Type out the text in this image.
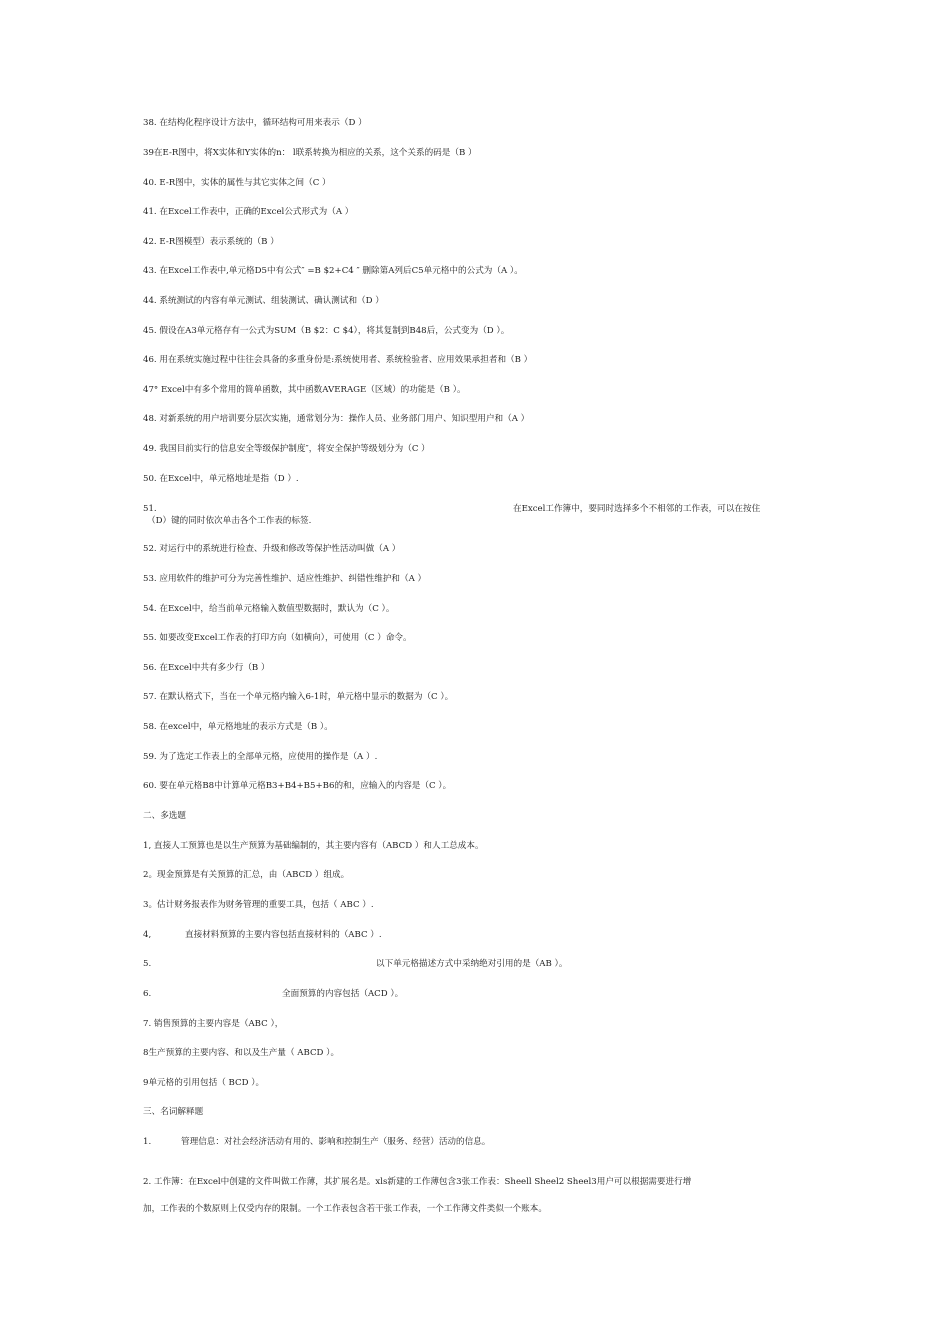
38. 在结构化程序设计方法中，循环结构可用来表示（D ）
39在E-R图中，将X实体和Y实体的n： l联系转换为相应的关系，这个关系的码是（B ）
40. E-R图中，实体的属性与其它实体之间（C ）
41. 在Excel工作表中，正确的Excel公式形式为（A ）
42. E-R图模型）表示系统的（B ）
43. 在Excel工作表中,单元格D5中有公式″ =B $2+C4 ″ 删除第A列后C5单元格中的公式为（A ）。
44. 系统测试的内容有单元测试、组装测试、确认测试和（D ）
45. 假设在A3单元格存有一公式为SUM（B $2：C $4），将其复制到B48后，公式变为（D ）。
46. 用在系统实施过程中往往会具备的多重身份是:系统使用者、系统检验者、应用效果承担者和（B ）
47° Excel中有多个常用的简单函数，其中函数AVERAGE（区域）的功能是（B ）。
48. 对新系统的用户培训要分层次实施，通常划分为：操作人员、业务部门用户、知识型用户和（A ）
49. 我国目前实行的信息安全等级保护制度″，将安全保护等级划分为（C ）
50. 在Excel中，单元格地址是指（D ）.
51.	在Excel工作簿中，要同时选择多个不相邻的工作表，可以在按住
（D）键的同时依次单击各个工作表的标签.
52. 对运行中的系统进行检查、升级和修改等保护性活动叫做（A ）
53. 应用软件的维护可分为完善性维护、适应性维护、纠错性维护和（A ）
54. 在Excel中，给当前单元格输入数值型数据时，默认为（C ）。
55. 如要改变Excel工作表的打印方向（如横向），可使用（C ）命令。
56. 在Excel中共有多少行（B ）
57. 在默认格式下，当在一个单元格内输入6-1时，单元格中显示的数据为（C ）。
58. 在excel中，单元格地址的表示方式是（B ）。
59. 为了选定工作表上的全部单元格，应使用的操作是（A ）.
60. 要在单元格B8中计算单元格B3+B4+B5+B6的和，应输入的内容是（C ）。
二、多选题
1, 直接人工预算也是以生产预算为基础编制的，其主要内容有（ABCD ）和人工总成本。
2。现金预算是有关预算的汇总，由（ABCD ）组成。
3。估计财务报表作为财务管理的重要工具，包括（ ABC ）.
4,	直接材料预算的主要内容包括直接材料的（ABC ）.
5.	以下单元格描述方式中采纳绝对引用的是（AB ）。
6.	全面预算的内容包括（ACD ）。
7. 销售预算的主要内容是（ABC ），
8生产预算的主要内容、和以及生产量（ ABCD ）。
9单元格的引用包括（ BCD ）。
三、名词解释题
1.	管理信息：对社会经济活动有用的、影响和控制生产（服务、经营）活动的信息。
2. 工作簿：在Excel中创建的文件叫做工作薄，其扩展名是。xls新建的工作薄包含3张工作表：Sheell Sheel2 Sheel3用户可以根据需要进行增
加，工作表的个数原则上仅受内存的限制。一个工作表包含若干张工作表，一个工作薄文件类似一个账本。
